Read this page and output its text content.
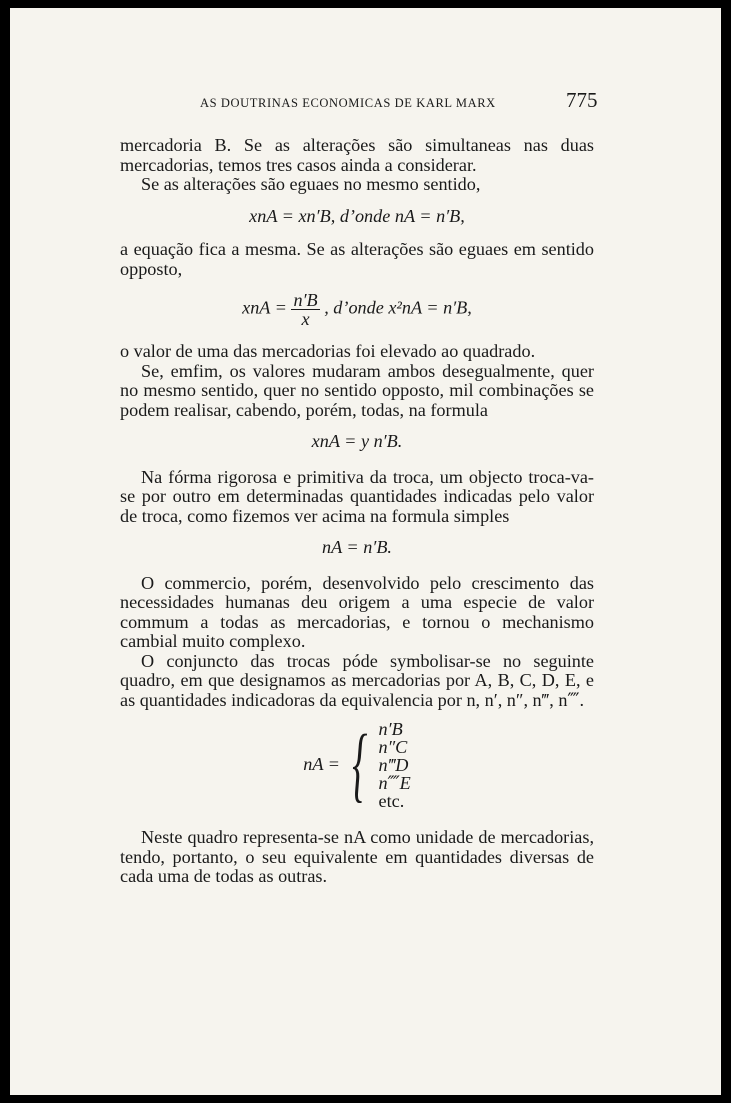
AS DOUTRINAS ECONOMICAS DE KARL MARX	775

mercadoria B. Se as alterações são simultaneas nas duas mercadorias, temos tres casos ainda a considerar.

Se as alterações são eguaes no mesmo sentido,

xnA = xn′B, d’onde nA = n′B,

a equação fica a mesma. Se as alterações são eguaes em sentido opposto,

xnA = $\frac{n'B}{x}$ , d’onde x²nA = n′B,

o valor de uma das mercadorias foi elevado ao quadrado.

Se, emfim, os valores mudaram ambos desegualmente, quer no mesmo sentido, quer no sentido opposto, mil combinações se podem realisar, cabendo, porém, todas, na formula

xnA = y n′B.

Na fórma rigorosa e primitiva da troca, um objecto troca-va-se por outro em determinadas quantidades indicadas pelo valor de troca, como fizemos ver acima na formula simples

nA = n′B.

O commercio, porém, desenvolvido pelo crescimento das necessidades humanas deu origem a uma especie de valor commum a todas as mercadorias, e tornou o mechanismo cambial muito complexo.

O conjuncto das trocas póde symbolisar-se no seguinte quadro, em que designamos as mercadorias por A, B, C, D, E, e as quantidades indicadoras da equivalencia por n, n′, n″, n‴, n⁗.

nA = { n′B
n″C
n‴D
n⁗E
etc.

Neste quadro representa-se nA como unidade de mercadorias, tendo, portanto, o seu equivalente em quantidades diversas de cada uma de todas as outras.
